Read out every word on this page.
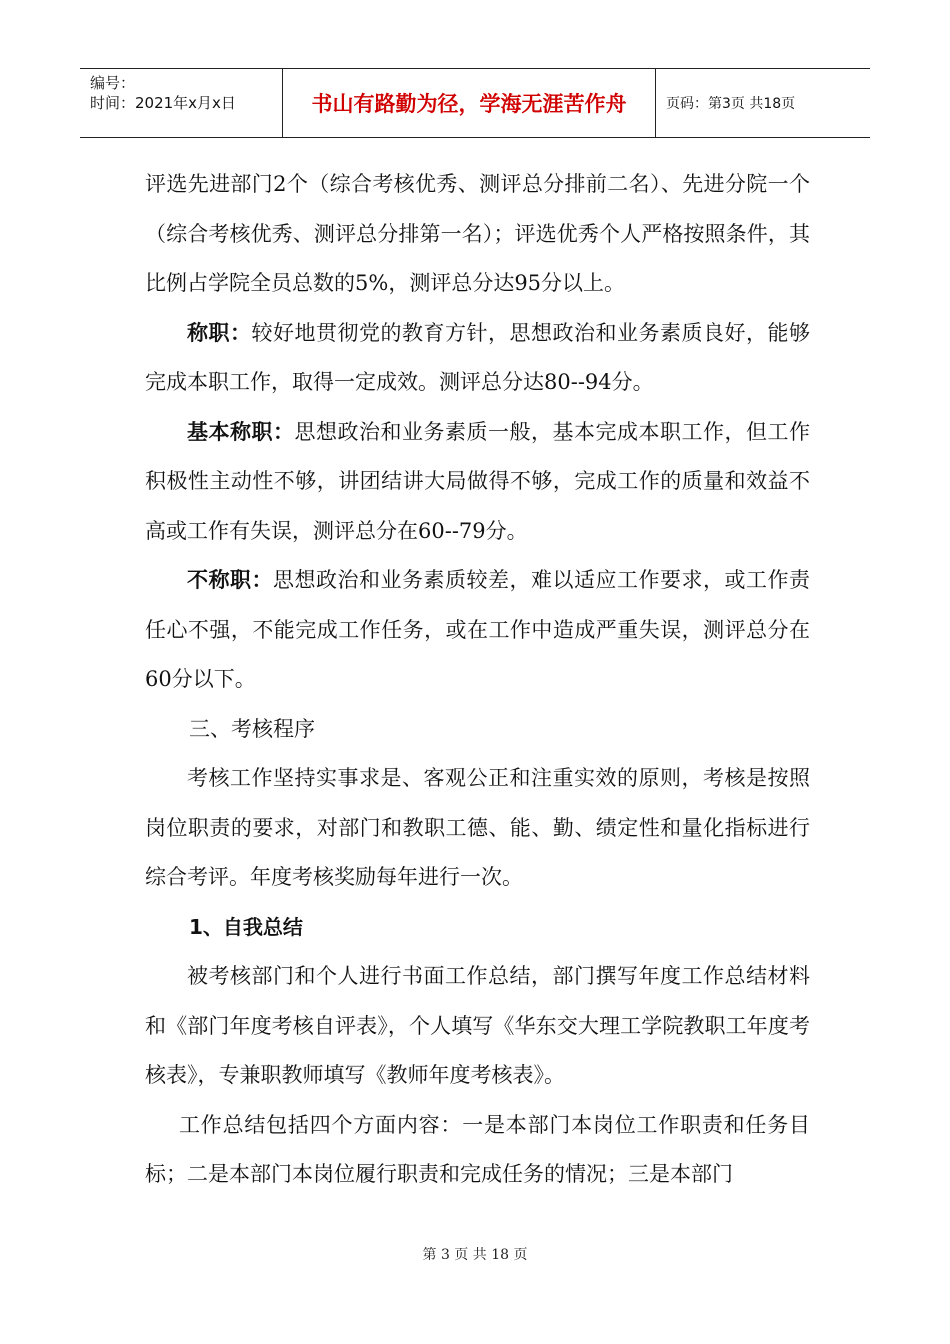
编号：
时间：2021年x月x日	书山有路勤为径，学海无涯苦作舟	页码：第3页 共18页

评选先进部门2个（综合考核优秀、测评总分排前二名）、先进分院一个（综合考核优秀、测评总分排第一名）；评选优秀个人严格按照条件，其比例占学院全员总数的5%，测评总分达95分以上。

称职：较好地贯彻党的教育方针，思想政治和业务素质良好，能够完成本职工作，取得一定成效。测评总分达80--94分。

基本称职：思想政治和业务素质一般，基本完成本职工作，但工作积极性主动性不够，讲团结讲大局做得不够，完成工作的质量和效益不高或工作有失误，测评总分在60--79分。

不称职：思想政治和业务素质较差，难以适应工作要求，或工作责任心不强，不能完成工作任务，或在工作中造成严重失误，测评总分在60分以下。

三、考核程序

考核工作坚持实事求是、客观公正和注重实效的原则，考核是按照岗位职责的要求，对部门和教职工德、能、勤、绩定性和量化指标进行综合考评。年度考核奖励每年进行一次。

1、自我总结

被考核部门和个人进行书面工作总结，部门撰写年度工作总结材料和《部门年度考核自评表》，个人填写《华东交大理工学院教职工年度考核表》，专兼职教师填写《教师年度考核表》。

工作总结包括四个方面内容：一是本部门本岗位工作职责和任务目标；二是本部门本岗位履行职责和完成任务的情况；三是本部门

第 3 页 共 18 页
